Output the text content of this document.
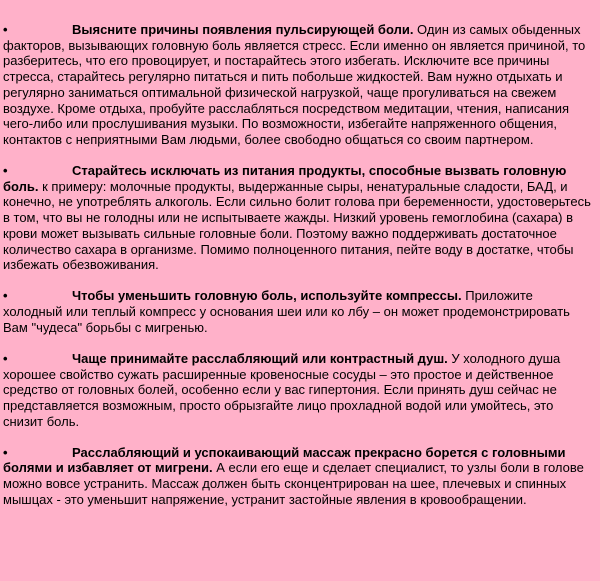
•	Выясните причины появления пульсирующей боли. Один из самых обыденных факторов, вызывающих головную боль является стресс. Если именно он является причиной, то разберитесь, что его провоцирует, и постарайтесь этого избегать. Исключите все причины стресса, старайтесь регулярно питаться и пить побольше жидкостей. Вам нужно отдыхать и регулярно заниматься оптимальной физической нагрузкой, чаще прогуливаться на свежем воздухе. Кроме отдыха, пробуйте расслабляться посредством медитации, чтения, написания чего-либо или прослушивания музыки. По возможности, избегайте напряженного общения, контактов с неприятными Вам людьми, более свободно общаться со своим партнером.

•	Старайтесь исключать из питания продукты, способные вызвать головную боль. к примеру: молочные продукты, выдержанные сыры, ненатуральные сладости, БАД, и конечно, не употреблять алкоголь. Если сильно болит голова при беременности, удостоверьтесь в том, что вы не голодны или не испытываете жажды. Низкий уровень гемоглобина (сахара) в крови может вызывать сильные головные боли. Поэтому важно поддерживать достаточное количество сахара в организме. Помимо полноценного питания, пейте воду в достатке, чтобы избежать обезвоживания.

•	Чтобы уменьшить головную боль, используйте компрессы. Приложите холодный или теплый компресс у основания шеи или ко лбу – он может продемонстрировать Вам "чудеса" борьбы с мигренью.

•	Чаще принимайте расслабляющий или контрастный душ. У холодного душа хорошее свойство сужать расширенные кровеносные сосуды – это простое и действенное средство от головных болей, особенно если у вас гипертония. Если принять душ сейчас не представляется возможным, просто обрызгайте лицо прохладной водой или умойтесь, это снизит боль.

•	Расслабляющий и успокаивающий массаж прекрасно борется с головными болями и избавляет от мигрени. А если его еще и сделает специалист, то узлы боли в голове можно вовсе устранить. Массаж должен быть сконцентрирован на шее, плечевых и спинных мышцах - это уменьшит напряжение, устранит застойные явления в кровообращении.
